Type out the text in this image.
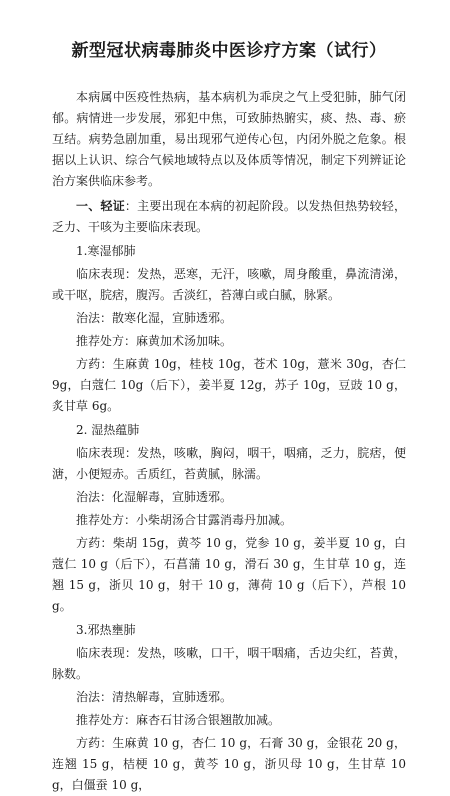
新型冠状病毒肺炎中医诊疗方案（试行）

本病属中医疫性热病，基本病机为乖戾之气上受犯肺，肺气闭郁。病情进一步发展，邪犯中焦，可致肺热腑实，痰、热、毒、瘀互结。病势急剧加重，易出现邪气逆传心包，内闭外脱之危象。根据以上认识、综合气候地域特点以及体质等情况，制定下列辨证论治方案供临床参考。

一、轻证：主要出现在本病的初起阶段。以发热但热势较轻，乏力、干咳为主要临床表现。

1.寒湿郁肺

临床表现：发热，恶寒，无汗，咳嗽，周身酸重，鼻流清涕，或干呕，脘痞，腹泻。舌淡红，苔薄白或白腻，脉紧。

治法：散寒化湿，宣肺透邪。

推荐处方：麻黄加术汤加味。

方药：生麻黄 10g，桂枝 10g，苍术 10g，薏米 30g，杏仁 9g，白蔻仁 10g（后下），姜半夏 12g，苏子 10g，豆豉 10 g，炙甘草 6g。

2. 湿热蕴肺

临床表现：发热，咳嗽，胸闷，咽干，咽痛，乏力，脘痞，便溏，小便短赤。舌质红，苔黄腻，脉濡。

治法：化湿解毒，宣肺透邪。

推荐处方：小柴胡汤合甘露消毒丹加减。

方药：柴胡 15g，黄芩 10 g，党参 10 g，姜半夏 10 g，白蔻仁 10 g（后下），石菖蒲 10 g，滑石 30 g，生甘草 10 g，连翘 15 g，浙贝 10 g，射干 10 g，薄荷 10 g（后下），芦根 10 g。

3.邪热壅肺

临床表现：发热，咳嗽，口干，咽干咽痛，舌边尖红，苔黄，脉数。

治法：清热解毒，宣肺透邪。

推荐处方：麻杏石甘汤合银翘散加减。

方药：生麻黄 10 g，杏仁 10 g，石膏 30 g，金银花 20 g，连翘 15 g，桔梗 10 g，黄芩 10 g，浙贝母 10 g，生甘草 10 g，白僵蚕 10 g，
